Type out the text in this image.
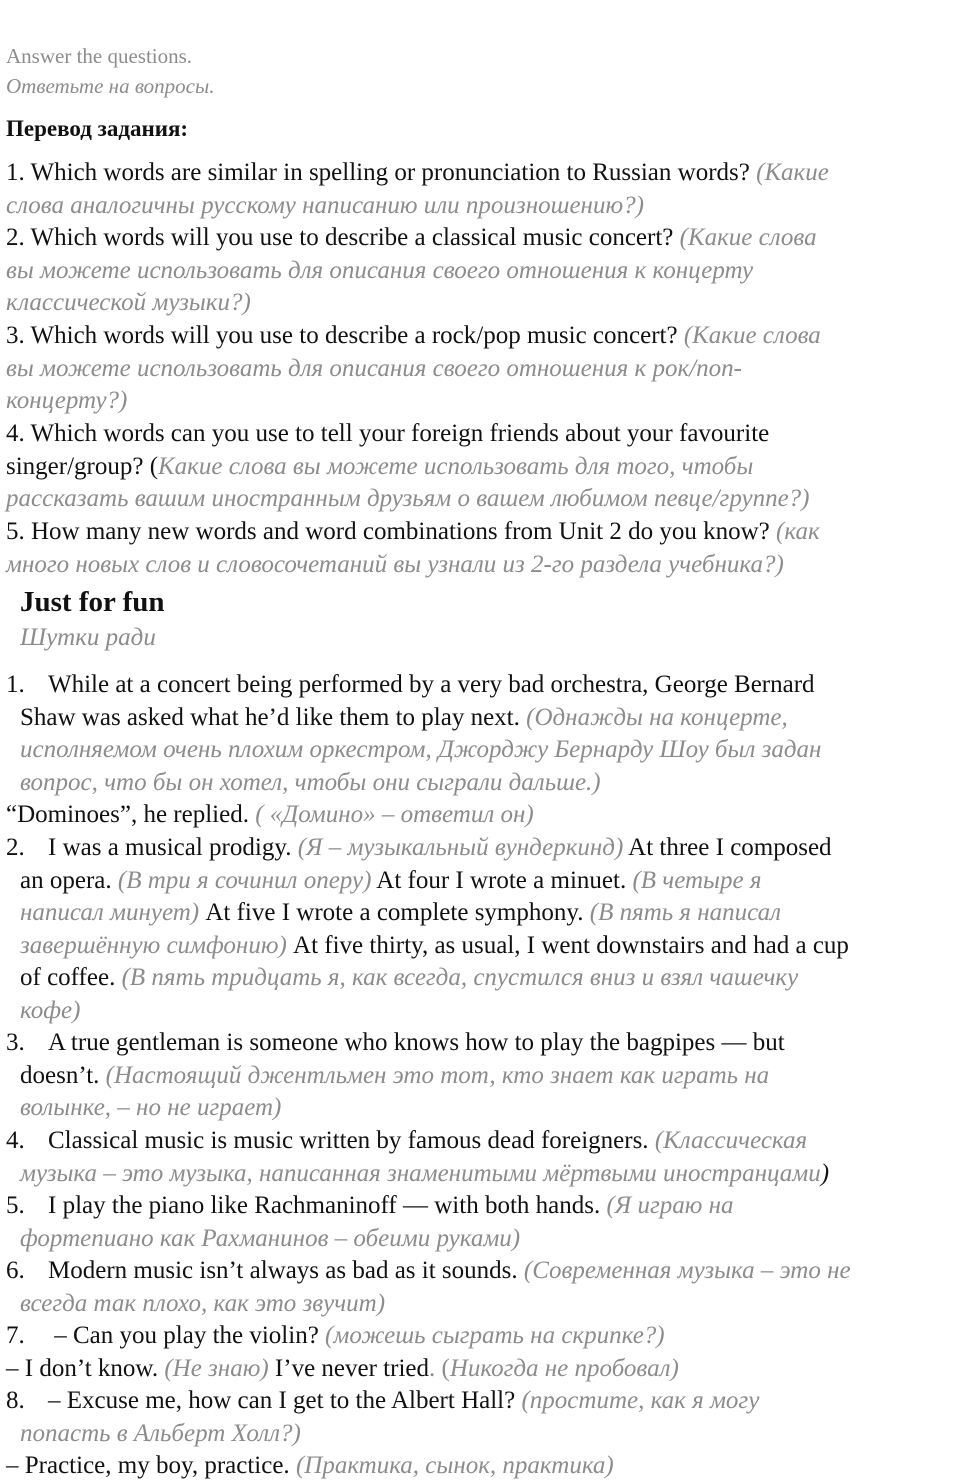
Answer the questions.
Ответьте на вопросы.
Перевод задания:
1. Which words are similar in spelling or pronunciation to Russian words? (Какие
слова аналогичны русскому написанию или произношению?)
2. Which words will you use to describe a classical music concert? (Какие слова
вы можете использовать для описания своего отношения к концерту
классической музыки?)
3. Which words will you use to describe a rock/pop music concert? (Какие слова
вы можете использовать для описания своего отношения к рок/поп-
концерту?)
4. Which words can you use to tell your foreign friends about your favourite
singer/group? (Какие слова вы можете использовать для того, чтобы
рассказать вашим иностранным друзьям о вашем любимом певце/группе?)
5. How many new words and word combinations from Unit 2 do you know? (как
много новых слов и словосочетаний вы узнали из 2-го раздела учебника?)
Just for fun
Шутки ради
1. While at a concert being performed by a very bad orchestra, George Bernard
Shaw was asked what he’d like them to play next. (Однажды на концерте,
исполняемом очень плохим оркестром, Джорджу Бернарду Шоу был задан
вопрос, что бы он хотел, чтобы они сыграли дальше.)
“Dominoes”, he replied. ( «Домино» – ответил он)
2. I was a musical prodigy. (Я – музыкальный вундеркинд) At three I composed
an opera. (В три я сочинил оперу) At four I wrote a minuet. (В четыре я
написал минует) At five I wrote a complete symphony. (В пять я написал
завершённую симфонию) At five thirty, as usual, I went downstairs and had a cup
of coffee. (В пять тридцать я, как всегда, спустился вниз и взял чашечку
кофе)
3. A true gentleman is someone who knows how to play the bagpipes — but
doesn’t. (Настоящий джентльмен это тот, кто знает как играть на
волынке, – но не играет)
4. Classical music is music written by famous dead foreigners. (Классическая
музыка – это музыка, написанная знаменитыми мёртвыми иностранцами)
5. I play the piano like Rachmaninoff — with both hands. (Я играю на
фортепиано как Рахманинов – обеими руками)
6. Modern music isn’t always as bad as it sounds. (Современная музыка – это не
всегда так плохо, как это звучит)
7. – Can you play the violin? (можешь сыграть на скрипке?)
– I don’t know. (Не знаю) I’ve never tried. (Никогда не пробовал)
8. – Excuse me, how can I get to the Albert Hall? (простите, как я могу
попасть в Альберт Холл?)
– Practice, my boy, practice. (Практика, сынок, практика)
